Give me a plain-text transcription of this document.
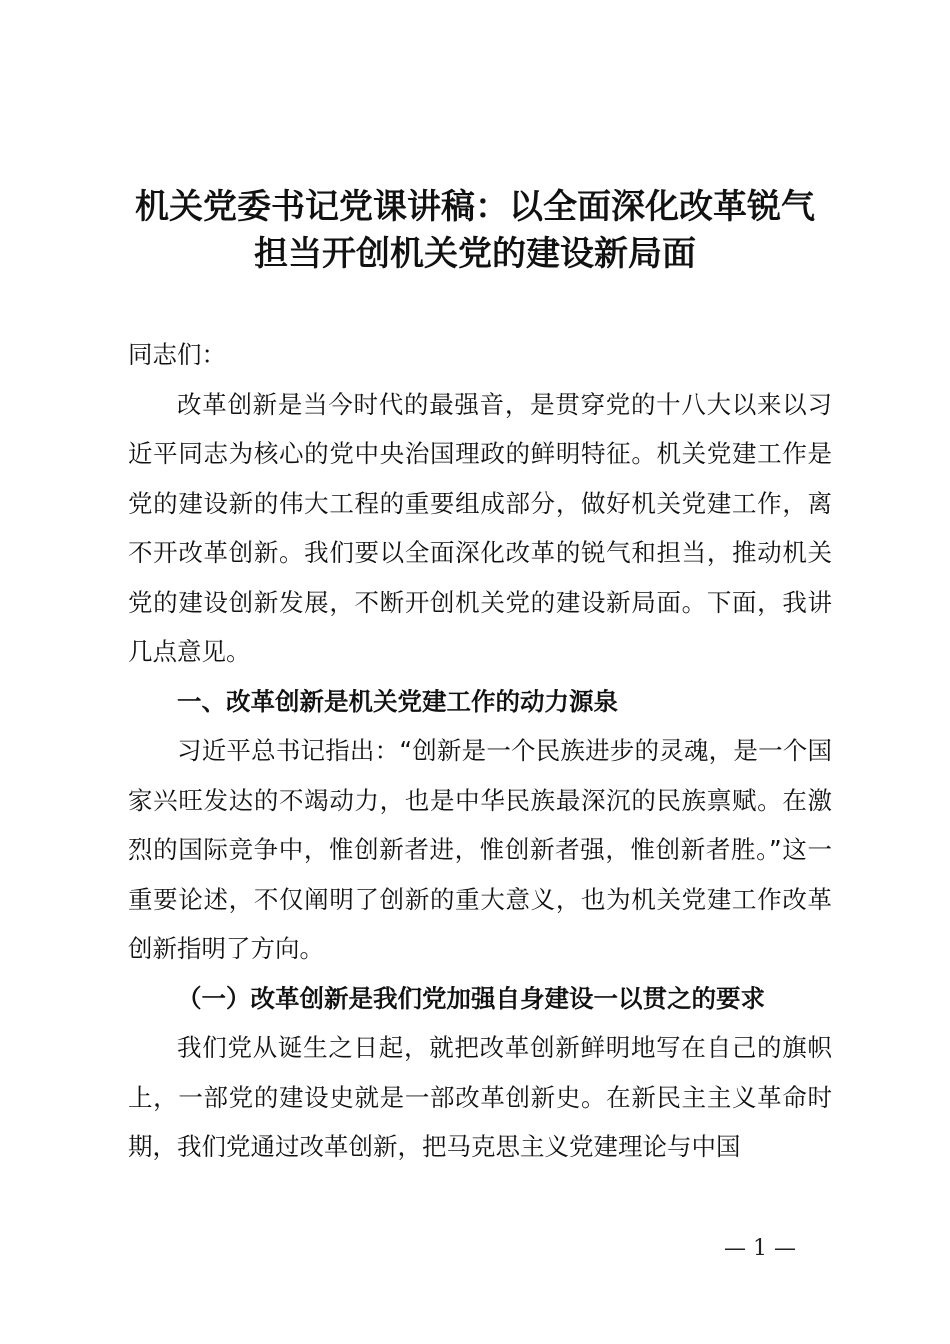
机关党委书记党课讲稿：以全面深化改革锐气
担当开创机关党的建设新局面

同志们：

改革创新是当今时代的最强音，是贯穿党的十八大以来以习近平同志为核心的党中央治国理政的鲜明特征。机关党建工作是党的建设新的伟大工程的重要组成部分，做好机关党建工作，离不开改革创新。我们要以全面深化改革的锐气和担当，推动机关党的建设创新发展，不断开创机关党的建设新局面。下面，我讲几点意见。

一、改革创新是机关党建工作的动力源泉

习近平总书记指出：“创新是一个民族进步的灵魂，是一个国家兴旺发达的不竭动力，也是中华民族最深沉的民族禀赋。在激烈的国际竞争中，惟创新者进，惟创新者强，惟创新者胜。”这一重要论述，不仅阐明了创新的重大意义，也为机关党建工作改革创新指明了方向。

（一）改革创新是我们党加强自身建设一以贯之的要求

我们党从诞生之日起，就把改革创新鲜明地写在自己的旗帜上，一部党的建设史就是一部改革创新史。在新民主主义革命时期，我们党通过改革创新，把马克思主义党建理论与中国

— 1 —
